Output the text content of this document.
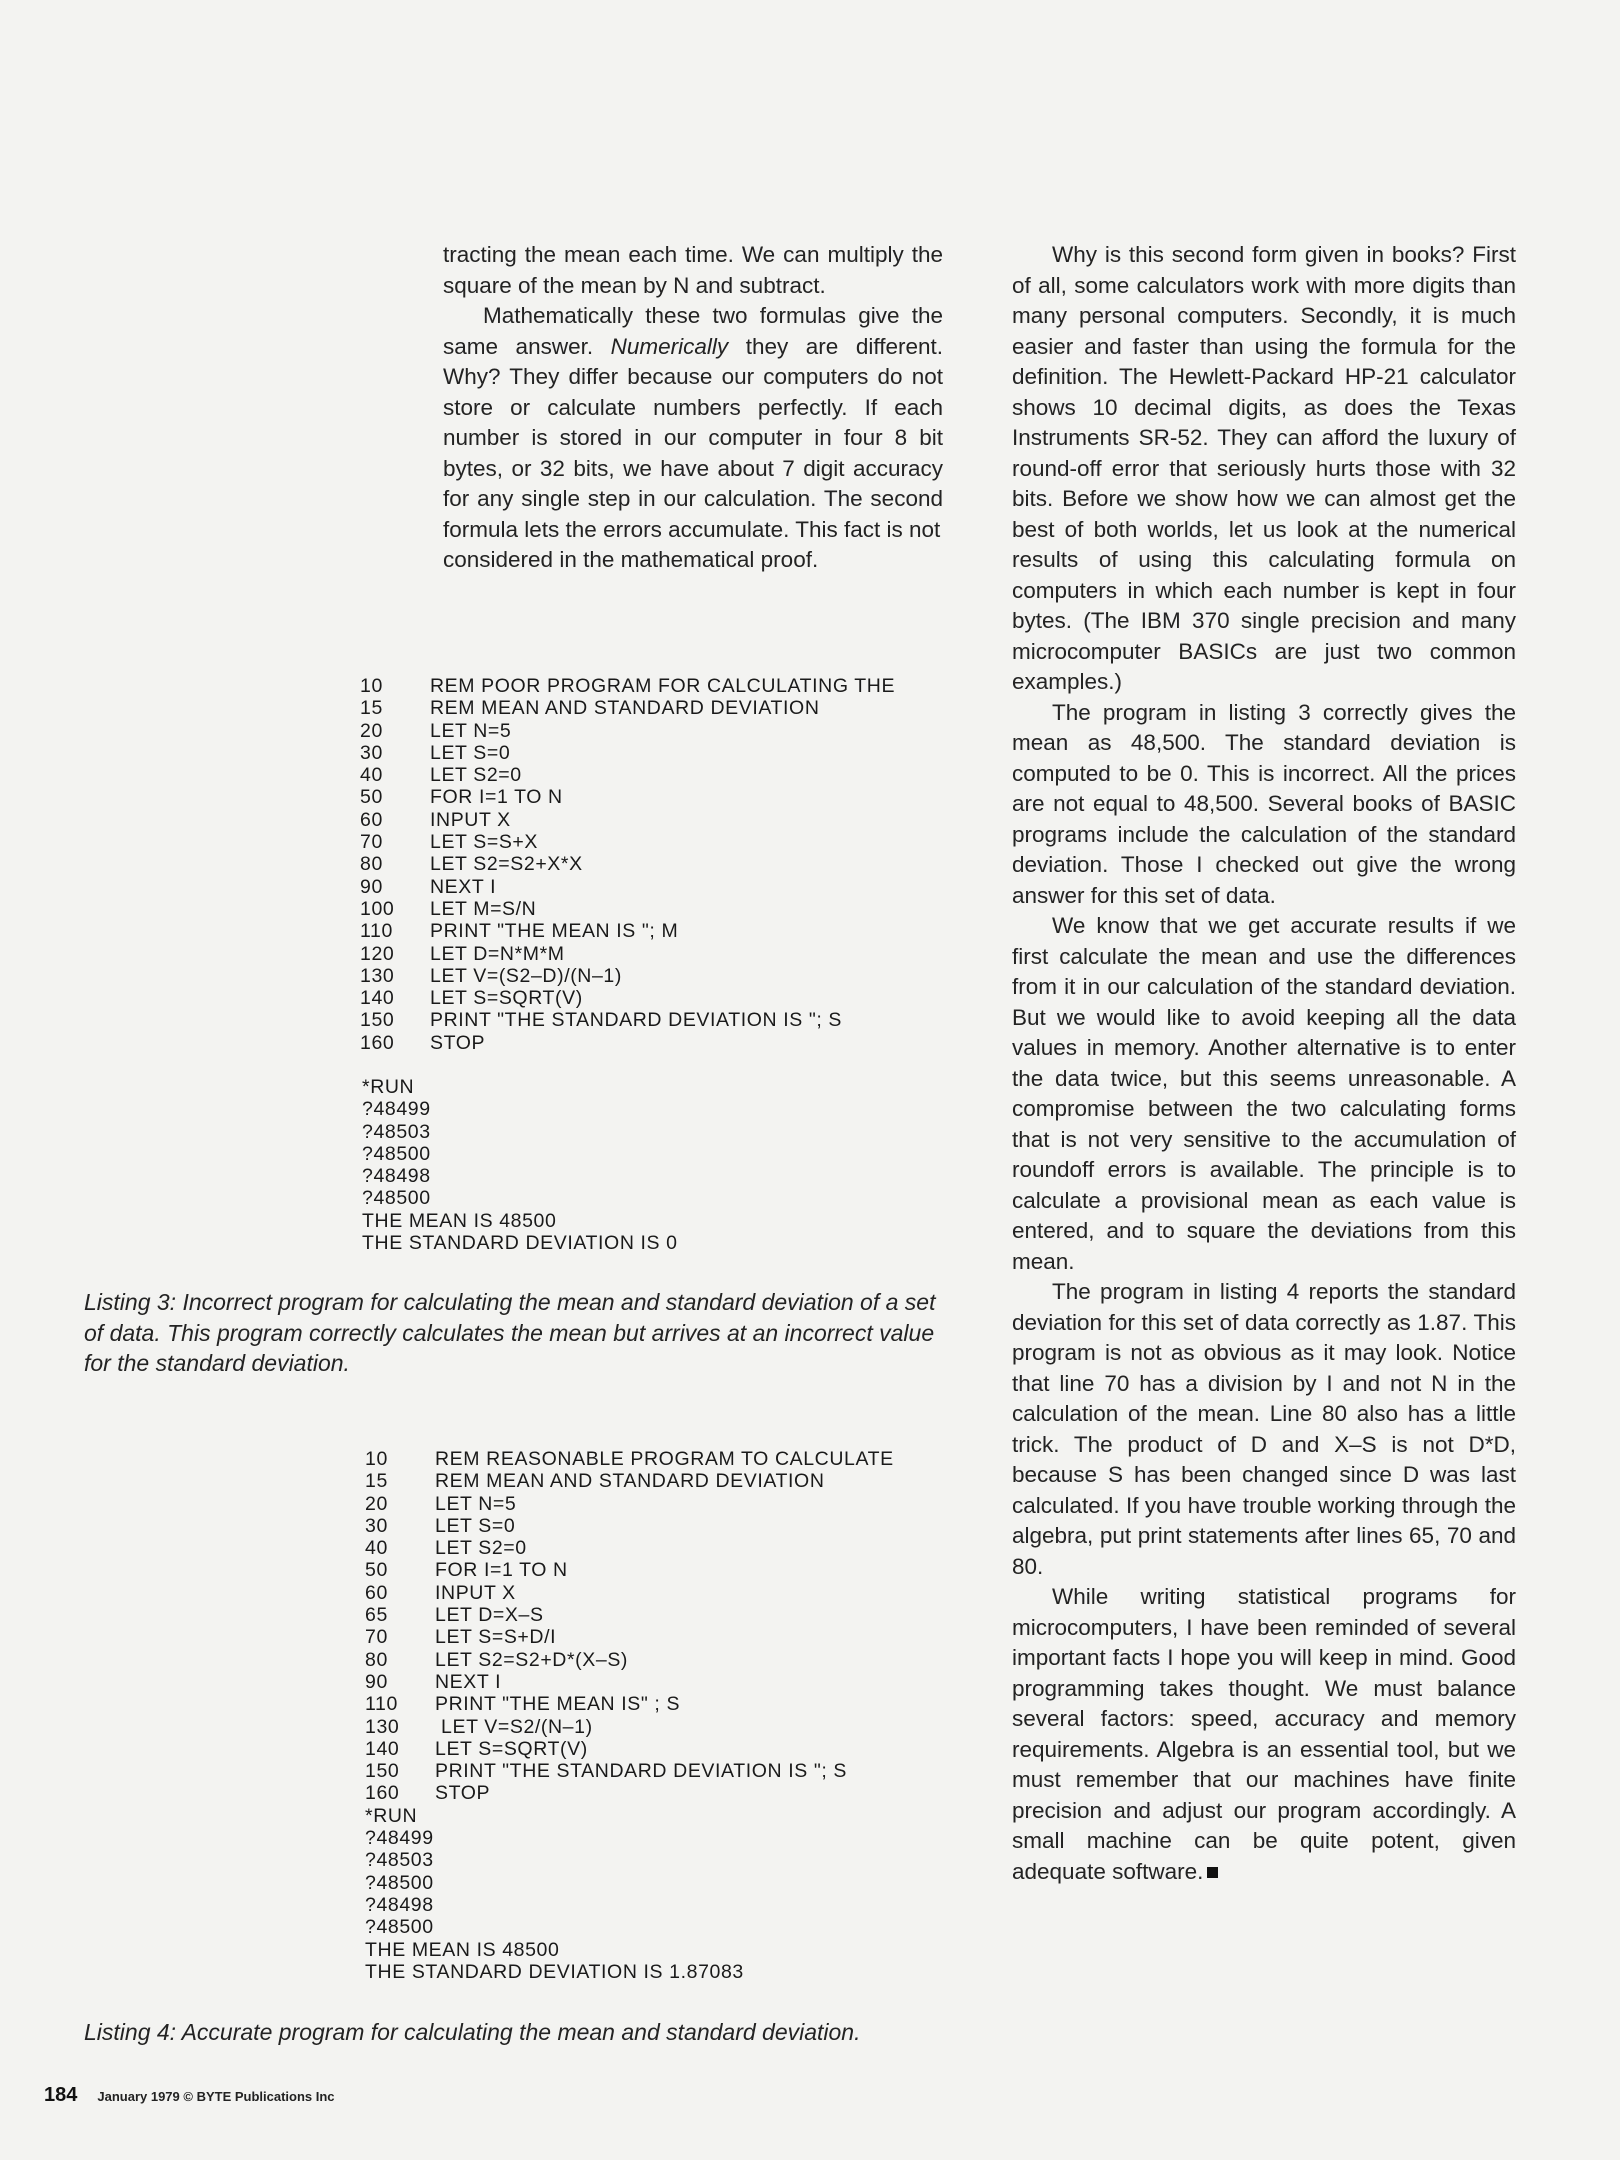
tracting the mean each time. We can multiply the square of the mean by N and subtract.

Mathematically these two formulas give the same answer. Numerically they are different. Why? They differ because our computers do not store or calculate numbers perfectly. If each number is stored in our computer in four 8 bit bytes, or 32 bits, we have about 7 digit accuracy for any single step in our calculation. The second formula lets the errors accumulate. This fact is not

considered in the mathematical proof.

10	REM POOR PROGRAM FOR CALCULATING THE
15	REM MEAN AND STANDARD DEVIATION
20	LET N=5
30	LET S=0
40	LET S2=0
50	FOR I=1 TO N
60	INPUT X
70	LET S=S+X
80	LET S2=S2+X*X
90	NEXT I
100	LET M=S/N
110	PRINT "THE MEAN IS "; M
120	LET D=N*M*M
130	LET V=(S2–D)/(N–1)
140	LET S=SQRT(V)
150	PRINT "THE STANDARD DEVIATION IS "; S
160	STOP
*RUN
?48499
?48503
?48500
?48498
?48500
THE MEAN IS 48500
THE STANDARD DEVIATION IS 0
Listing 3: Incorrect program for calculating the mean and standard deviation of a set of data. This program correctly calculates the mean but arrives at an incorrect value for the standard deviation.
10	REM REASONABLE PROGRAM TO CALCULATE
15	REM MEAN AND STANDARD DEVIATION
20	LET N=5
30	LET S=0
40	LET S2=0
50	FOR I=1 TO N
60	INPUT X
65	LET D=X–S
70	LET S=S+D/I
80	LET S2=S2+D*(X–S)
90	NEXT I
110	PRINT "THE MEAN IS" ; S
130	LET V=S2/(N–1)
140	LET S=SQRT(V)
150	PRINT "THE STANDARD DEVIATION IS "; S
160	STOP
*RUN
?48499
?48503
?48500
?48498
?48500
THE MEAN IS 48500
THE STANDARD DEVIATION IS 1.87083
Listing 4: Accurate program for calculating the mean and standard deviation.

Why is this second form given in books? First of all, some calculators work with more digits than many personal computers. Secondly, it is much easier and faster than using the formula for the definition. The Hewlett-Packard HP-21 calculator shows 10 decimal digits, as does the Texas Instruments SR-52. They can afford the luxury of round-off error that seriously hurts those with 32 bits. Before we show how we can almost get the best of both worlds, let us look at the numerical results of using this calculating formula on computers in which each number is kept in four bytes. (The IBM 370 single precision and many microcomputer BASICs are just two common examples.)

The program in listing 3 correctly gives the mean as 48,500. The standard deviation is computed to be 0. This is incorrect. All the prices are not equal to 48,500. Several books of BASIC programs include the calculation of the standard deviation. Those I checked out give the wrong answer for this set of data.

We know that we get accurate results if we first calculate the mean and use the differences from it in our calculation of the standard deviation. But we would like to avoid keeping all the data values in memory. Another alternative is to enter the data twice, but this seems unreasonable. A compromise between the two calculating forms that is not very sensitive to the accumulation of roundoff errors is available. The principle is to calculate a provisional mean as each value is entered, and to square the deviations from this mean.

The program in listing 4 reports the standard deviation for this set of data correctly as 1.87. This program is not as obvious as it may look. Notice that line 70 has a division by I and not N in the calculation of the mean. Line 80 also has a little trick. The product of D and X–S is not D*D, because S has been changed since D was last calculated. If you have trouble working through the algebra, put print statements after lines 65, 70 and 80.

While writing statistical programs for microcomputers, I have been reminded of several important facts I hope you will keep in mind. Good programming takes thought. We must balance several factors: speed, accuracy and memory requirements. Algebra is an essential tool, but we must remember that our machines have finite precision and adjust our program accordingly. A small machine can be quite potent, given adequate software.

184 January 1979 © BYTE Publications Inc
